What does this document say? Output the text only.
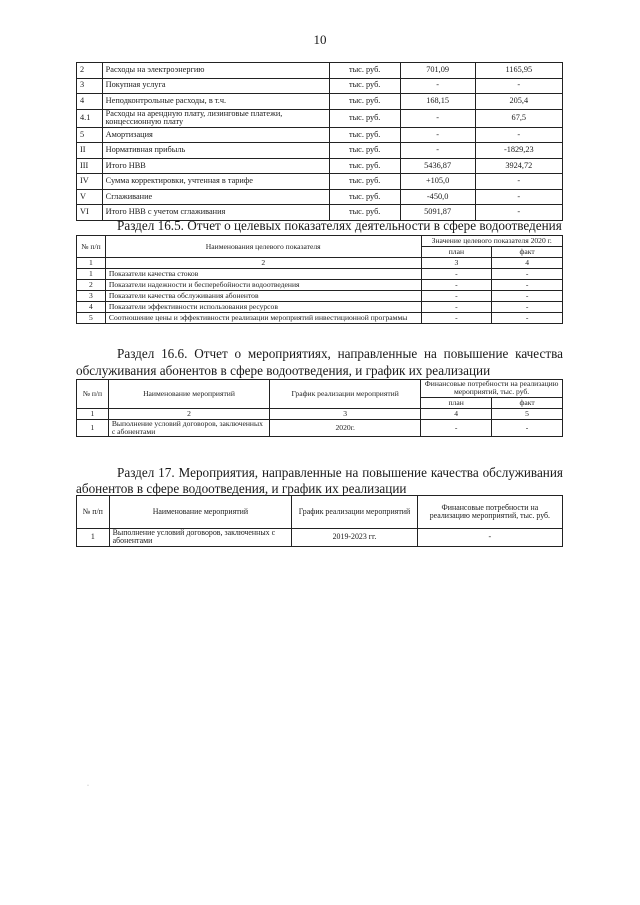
10
2	Расходы на электроэнергию	тыс. руб.	701,09	1165,95
3	Покупная услуга	тыс. руб.	-	-
4	Неподконтрольные расходы, в т.ч.	тыс. руб.	168,15	205,4
4.1	Расходы на арендную плату, лизинговые платежи, концессионную плату	тыс. руб.	-	67,5
5	Амортизация	тыс. руб.	-	-
II	Нормативная прибыль	тыс. руб.	-	-1829,23
III	Итого НВВ	тыс. руб.	5436,87	3924,72
IV	Сумма корректировки, учтенная в тарифе	тыс. руб.	+105,0	-
V	Сглаживание	тыс. руб.	-450,0	-
VI	Итого НВВ с учетом сглаживания	тыс. руб.	5091,87	-
Раздел 16.5. Отчет о целевых показателях деятельности в сфере водоотведения
№ п/п	Наименования целевого показателя	Значение целевого показателя 2020 г.	
		план	факт
1	2	3	4
1	Показатели качества стоков	-	-
2	Показатели надежности и бесперебойности водоотведения	-	-
3	Показатели качества обслуживания абонентов	-	-
4	Показатели эффективности использования ресурсов	-	-
5	Соотношение цены и эффективности реализации мероприятий инвестиционной программы	-	-
Раздел 16.6. Отчет о мероприятиях, направленные на повышение качества
обслуживания абонентов в сфере водоотведения, и график их реализации
№ п/п	Наименование мероприятий	График реализации мероприятий	Финансовые потребности на реализацию мероприятий, тыс. руб.	
			план	факт
1	2	3	4	5
1	Выполнение условий договоров, заключенных с абонентами	2020г.	-	-
Раздел 17. Мероприятия, направленные на повышение качества обслуживания
абонентов в сфере водоотведения, и график их реализации
№ п/п	Наименование мероприятий	График реализации мероприятий	Финансовые потребности на реализацию мероприятий, тыс. руб.
1	Выполнение условий договоров, заключенных с абонентами	2019-2023 гг.	-
·
